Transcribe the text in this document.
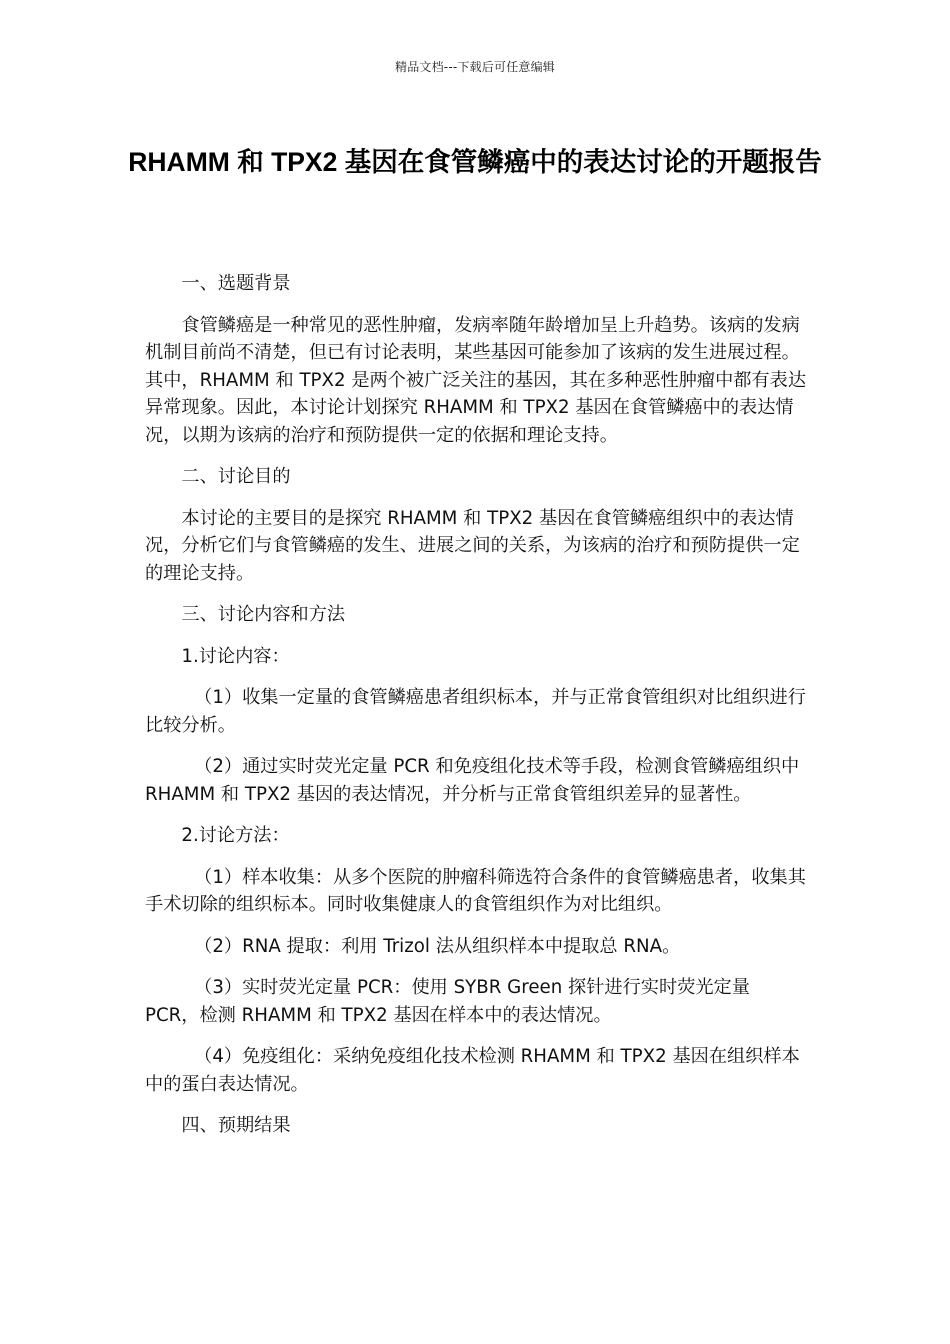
精品文档---下载后可任意编辑
RHAMM 和 TPX2 基因在食管鳞癌中的表达讨论的开题报告

一、选题背景

食管鳞癌是一种常见的恶性肿瘤，发病率随年龄增加呈上升趋势。该病的发病机制目前尚不清楚，但已有讨论表明，某些基因可能参加了该病的发生进展过程。其中，RHAMM 和 TPX2 是两个被广泛关注的基因，其在多种恶性肿瘤中都有表达异常现象。因此，本讨论计划探究 RHAMM 和 TPX2 基因在食管鳞癌中的表达情况，以期为该病的治疗和预防提供一定的依据和理论支持。

二、讨论目的

本讨论的主要目的是探究 RHAMM 和 TPX2 基因在食管鳞癌组织中的表达情况，分析它们与食管鳞癌的发生、进展之间的关系，为该病的治疗和预防提供一定的理论支持。

三、讨论内容和方法

1.讨论内容：

（1）收集一定量的食管鳞癌患者组织标本，并与正常食管组织对比组织进行比较分析。

（2）通过实时荧光定量 PCR 和免疫组化技术等手段，检测食管鳞癌组织中 RHAMM 和 TPX2 基因的表达情况，并分析与正常食管组织差异的显著性。

2.讨论方法：

（1）样本收集：从多个医院的肿瘤科筛选符合条件的食管鳞癌患者，收集其手术切除的组织标本。同时收集健康人的食管组织作为对比组织。

（2）RNA 提取：利用 Trizol 法从组织样本中提取总 RNA。

（3）实时荧光定量 PCR：使用 SYBR Green 探针进行实时荧光定量 PCR，检测 RHAMM 和 TPX2 基因在样本中的表达情况。

（4）免疫组化：采纳免疫组化技术检测 RHAMM 和 TPX2 基因在组织样本中的蛋白表达情况。

四、预期结果
